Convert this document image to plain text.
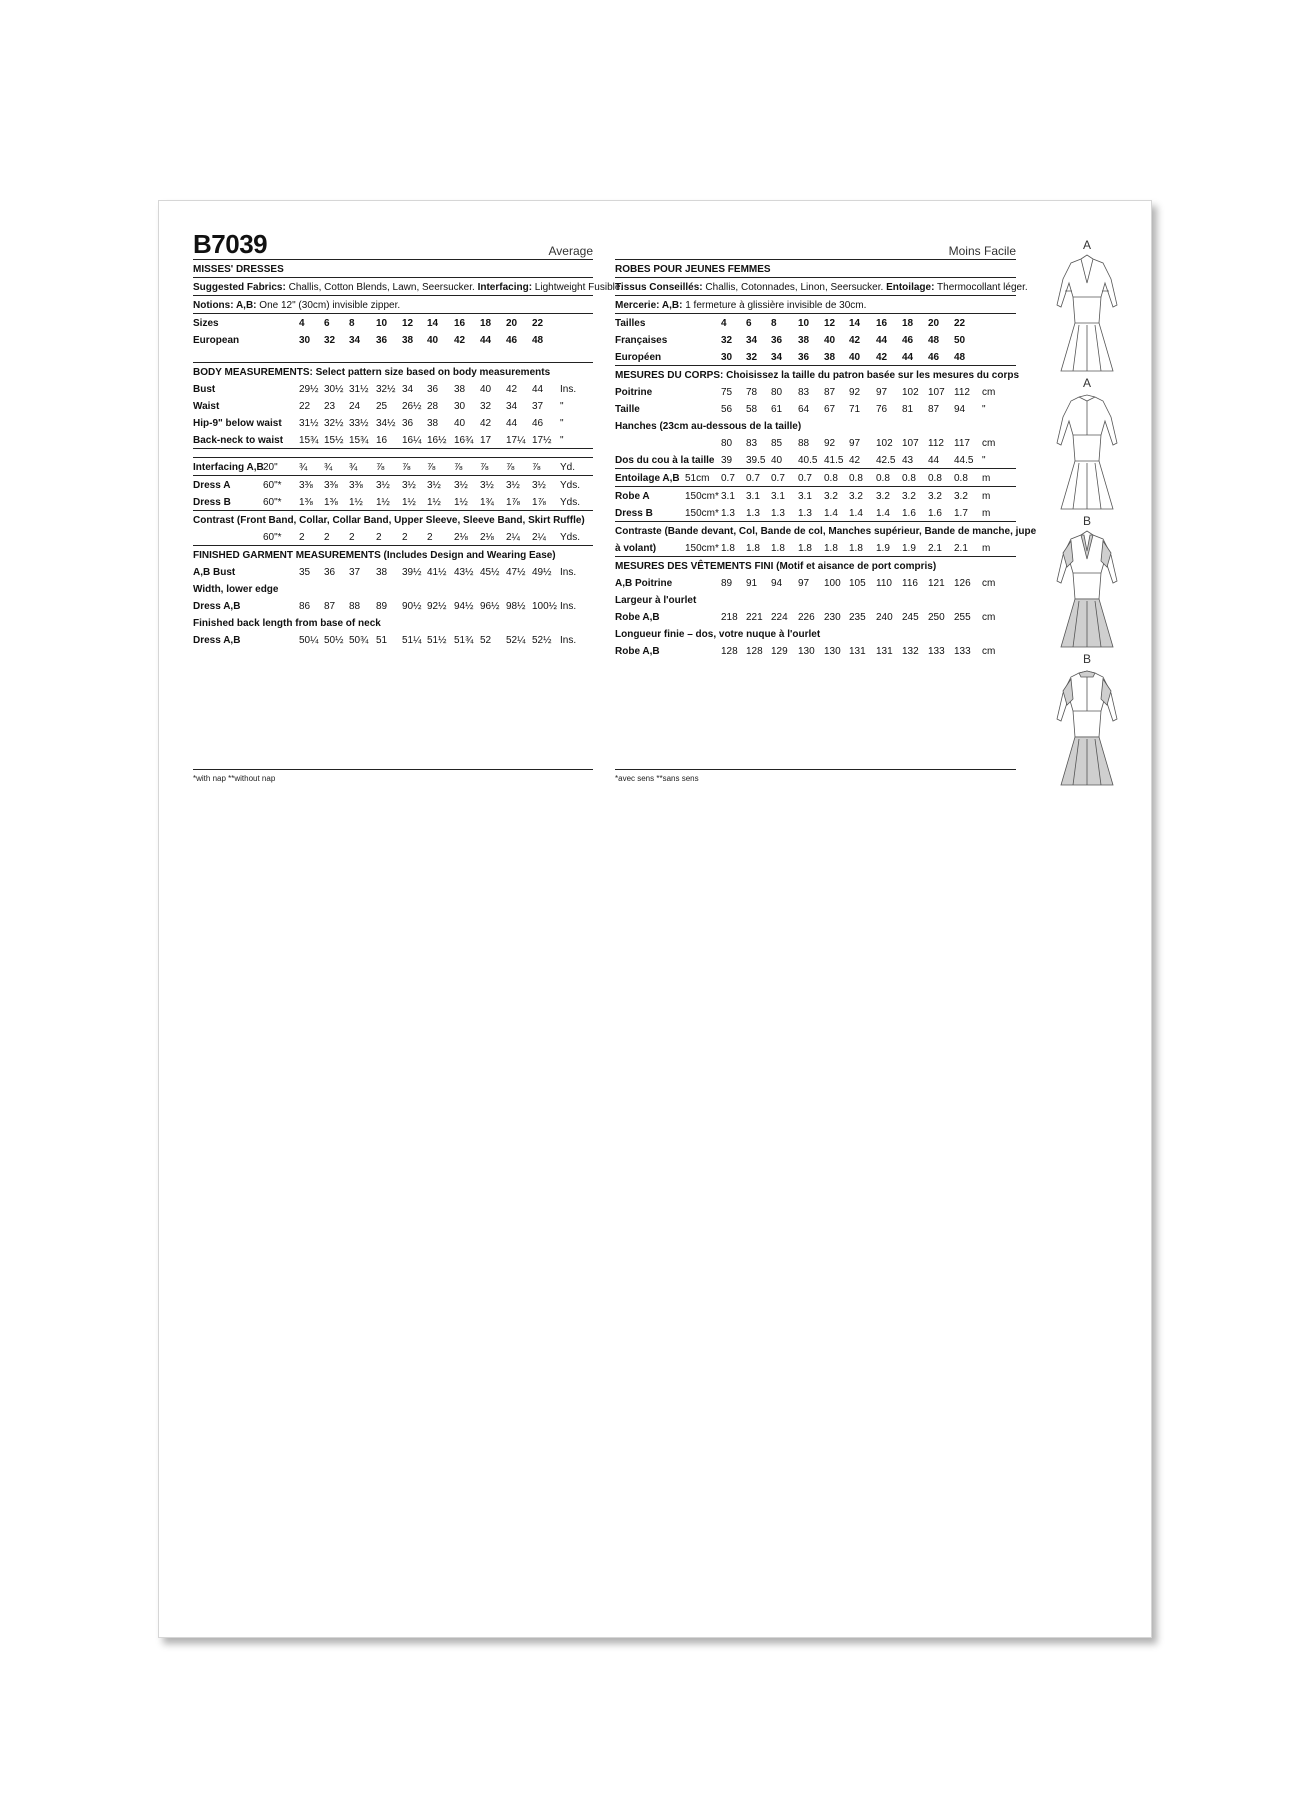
B7039	Average
MISSES' DRESSES
Suggested Fabrics: Challis, Cotton Blends, Lawn, Seersucker. Interfacing: Lightweight Fusible.
Notions: A,B: One 12" (30cm) invisible zipper.
Sizes	4 6 8 10 12 14 16 18 20 22
European	30 32 34 36 38 40 42 44 46 48
BODY MEASUREMENTS: Select pattern size based on body measurements
Bust	29½ 30½ 31½ 32½ 34 36 38 40 42 44 Ins.
Waist	22 23 24 25 26½ 28 30 32 34 37 "
Hip-9" below waist 31½ 32½ 33½ 34½ 36 38 40 42 44 46 "
Back-neck to waist 15¾ 15½ 15¾ 16 16¼ 16½ 16¾ 17 17¼ 17½ "
Interfacing A,B 20" ¾ ¾ ¾ ⅞ ⅞ ⅞ ⅞ ⅞ ⅞ ⅞ Yd.
Dress A	60"* 3⅜ 3⅜ 3⅜ 3½ 3½ 3½ 3½ 3½ 3½ 3½ Yds.
Dress B	60"* 1⅜ 1⅜ 1½ 1½ 1½ 1½ 1½ 1¾ 1⅞ 1⅞ Yds.
Contrast (Front Band, Collar, Collar Band, Upper Sleeve, Sleeve Band, Skirt Ruffle)
60"* 2 2 2 2 2 2 2⅛ 2⅛ 2¼ 2¼ Yds.
FINISHED GARMENT MEASUREMENTS (Includes Design and Wearing Ease)
A,B Bust	35 36 37 38 39½ 41½ 43½ 45½ 47½ 49½ Ins.
Width, lower edge
Dress A,B	86 87 88 89 90½ 92½ 94½ 96½ 98½ 100½ Ins.
Finished back length from base of neck
Dress A,B	50¼ 50½ 50¾ 51 51¼ 51½ 51¾ 52 52¼ 52½ Ins.
*with nap **without nap
Moins Facile
ROBES POUR JEUNES FEMMES
Tissus Conseillés: Challis, Cotonnades, Linon, Seersucker. Entoilage: Thermocollant léger.
Mercerie: A,B: 1 fermeture à glissière invisible de 30cm.
Tailles	4 6 8 10 12 14 16 18 20 22
Françaises	32 34 36 38 40 42 44 46 48 50
Européen	30 32 34 36 38 40 42 44 46 48
MESURES DU CORPS: Choisissez la taille du patron basée sur les mesures du corps
Poitrine	75 78 80 83 87 92 97 102 107 112 cm
Taille	56 58 61 64 67 71 76 81 87 94 "
Hanches (23cm au-dessous de la taille)
80 83 85 88 92 97 102 107 112 117 cm
Dos du cou à la taille 39 39.5 40 40.5 41.5 42 42.5 43 44 44.5 "
Entoilage A,B 51cm 0.7 0.7 0.7 0.7 0.8 0.8 0.8 0.8 0.8 0.8 m
Robe A	150cm* 3.1 3.1 3.1 3.1 3.2 3.2 3.2 3.2 3.2 3.2 m
Dress B	150cm* 1.3 1.3 1.3 1.3 1.4 1.4 1.4 1.6 1.6 1.7 m
Contraste (Bande devant, Col, Bande de col, Manches supérieur, Bande de manche, jupe
à volant)	150cm* 1.8 1.8 1.8 1.8 1.8 1.8 1.9 1.9 2.1 2.1 m
MESURES DES VÊTEMENTS FINI (Motif et aisance de port compris)
A,B Poitrine	89 91 94 97 100 105 110 116 121 126 cm
Largeur à l'ourlet
Robe A,B	218 221 224 226 230 235 240 245 250 255 cm
Longueur finie – dos, votre nuque à l'ourlet
Robe A,B	128 128 129 130 130 131 131 132 133 133 cm
*avec sens **sans sens
A
A
B
B
